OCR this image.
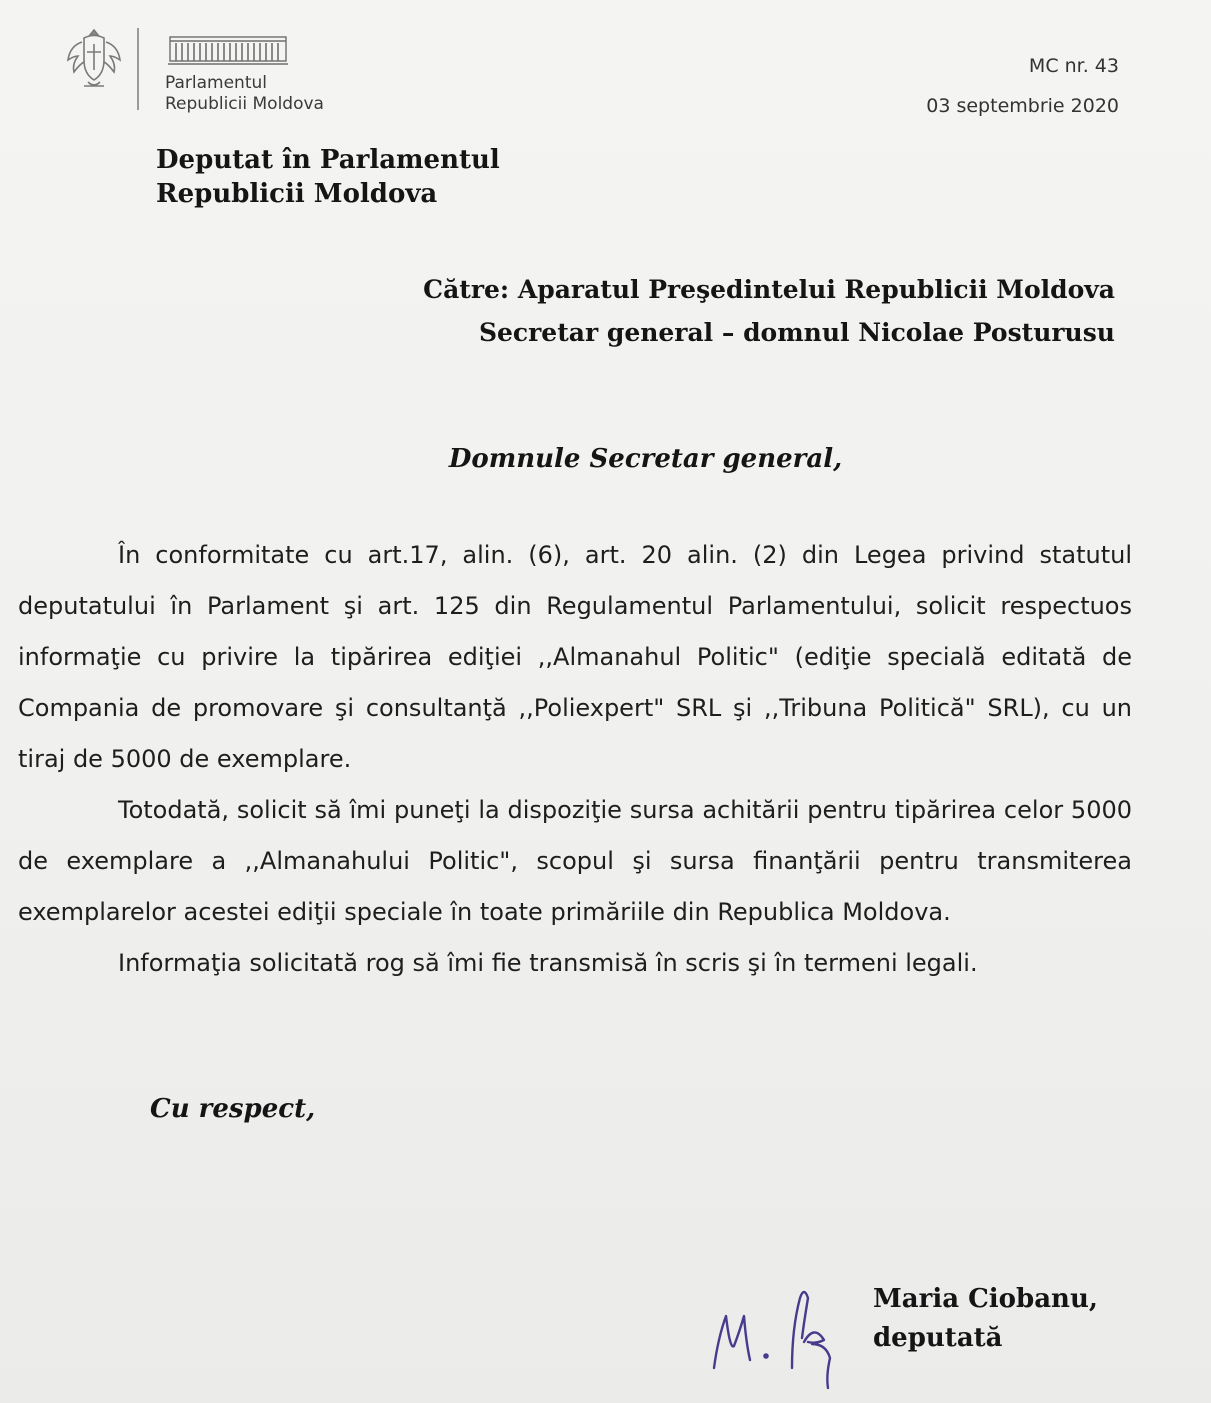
Parlamentul
Republicii Moldova
MC nr. 43
03 septembrie 2020
Deputat în Parlamentul
Republicii Moldova
Către: Aparatul Preşedintelui Republicii Moldova
Secretar general – domnul Nicolae Posturusu
Domnule Secretar general,

În conformitate cu art.17, alin. (6), art. 20 alin. (2) din Legea privind statutul deputatului în Parlament şi art. 125 din Regulamentul Parlamentului, solicit respectuos informaţie cu privire la tipărirea ediţiei ,,Almanahul Politic" (ediţie specială editată de Compania de promovare şi consultanţă ,,Poliexpert" SRL şi ,,Tribuna Politică" SRL), cu un tiraj de 5000 de exemplare.

Totodată, solicit să îmi puneţi la dispoziţie sursa achitării pentru tipărirea celor 5000 de exemplare a ,,Almanahului Politic", scopul şi sursa finanţării pentru transmiterea exemplarelor acestei ediţii speciale în toate primăriile din Republica Moldova.

Informaţia solicitată rog să îmi fie transmisă în scris şi în termeni legali.

Cu respect,
Maria Ciobanu,
deputată
